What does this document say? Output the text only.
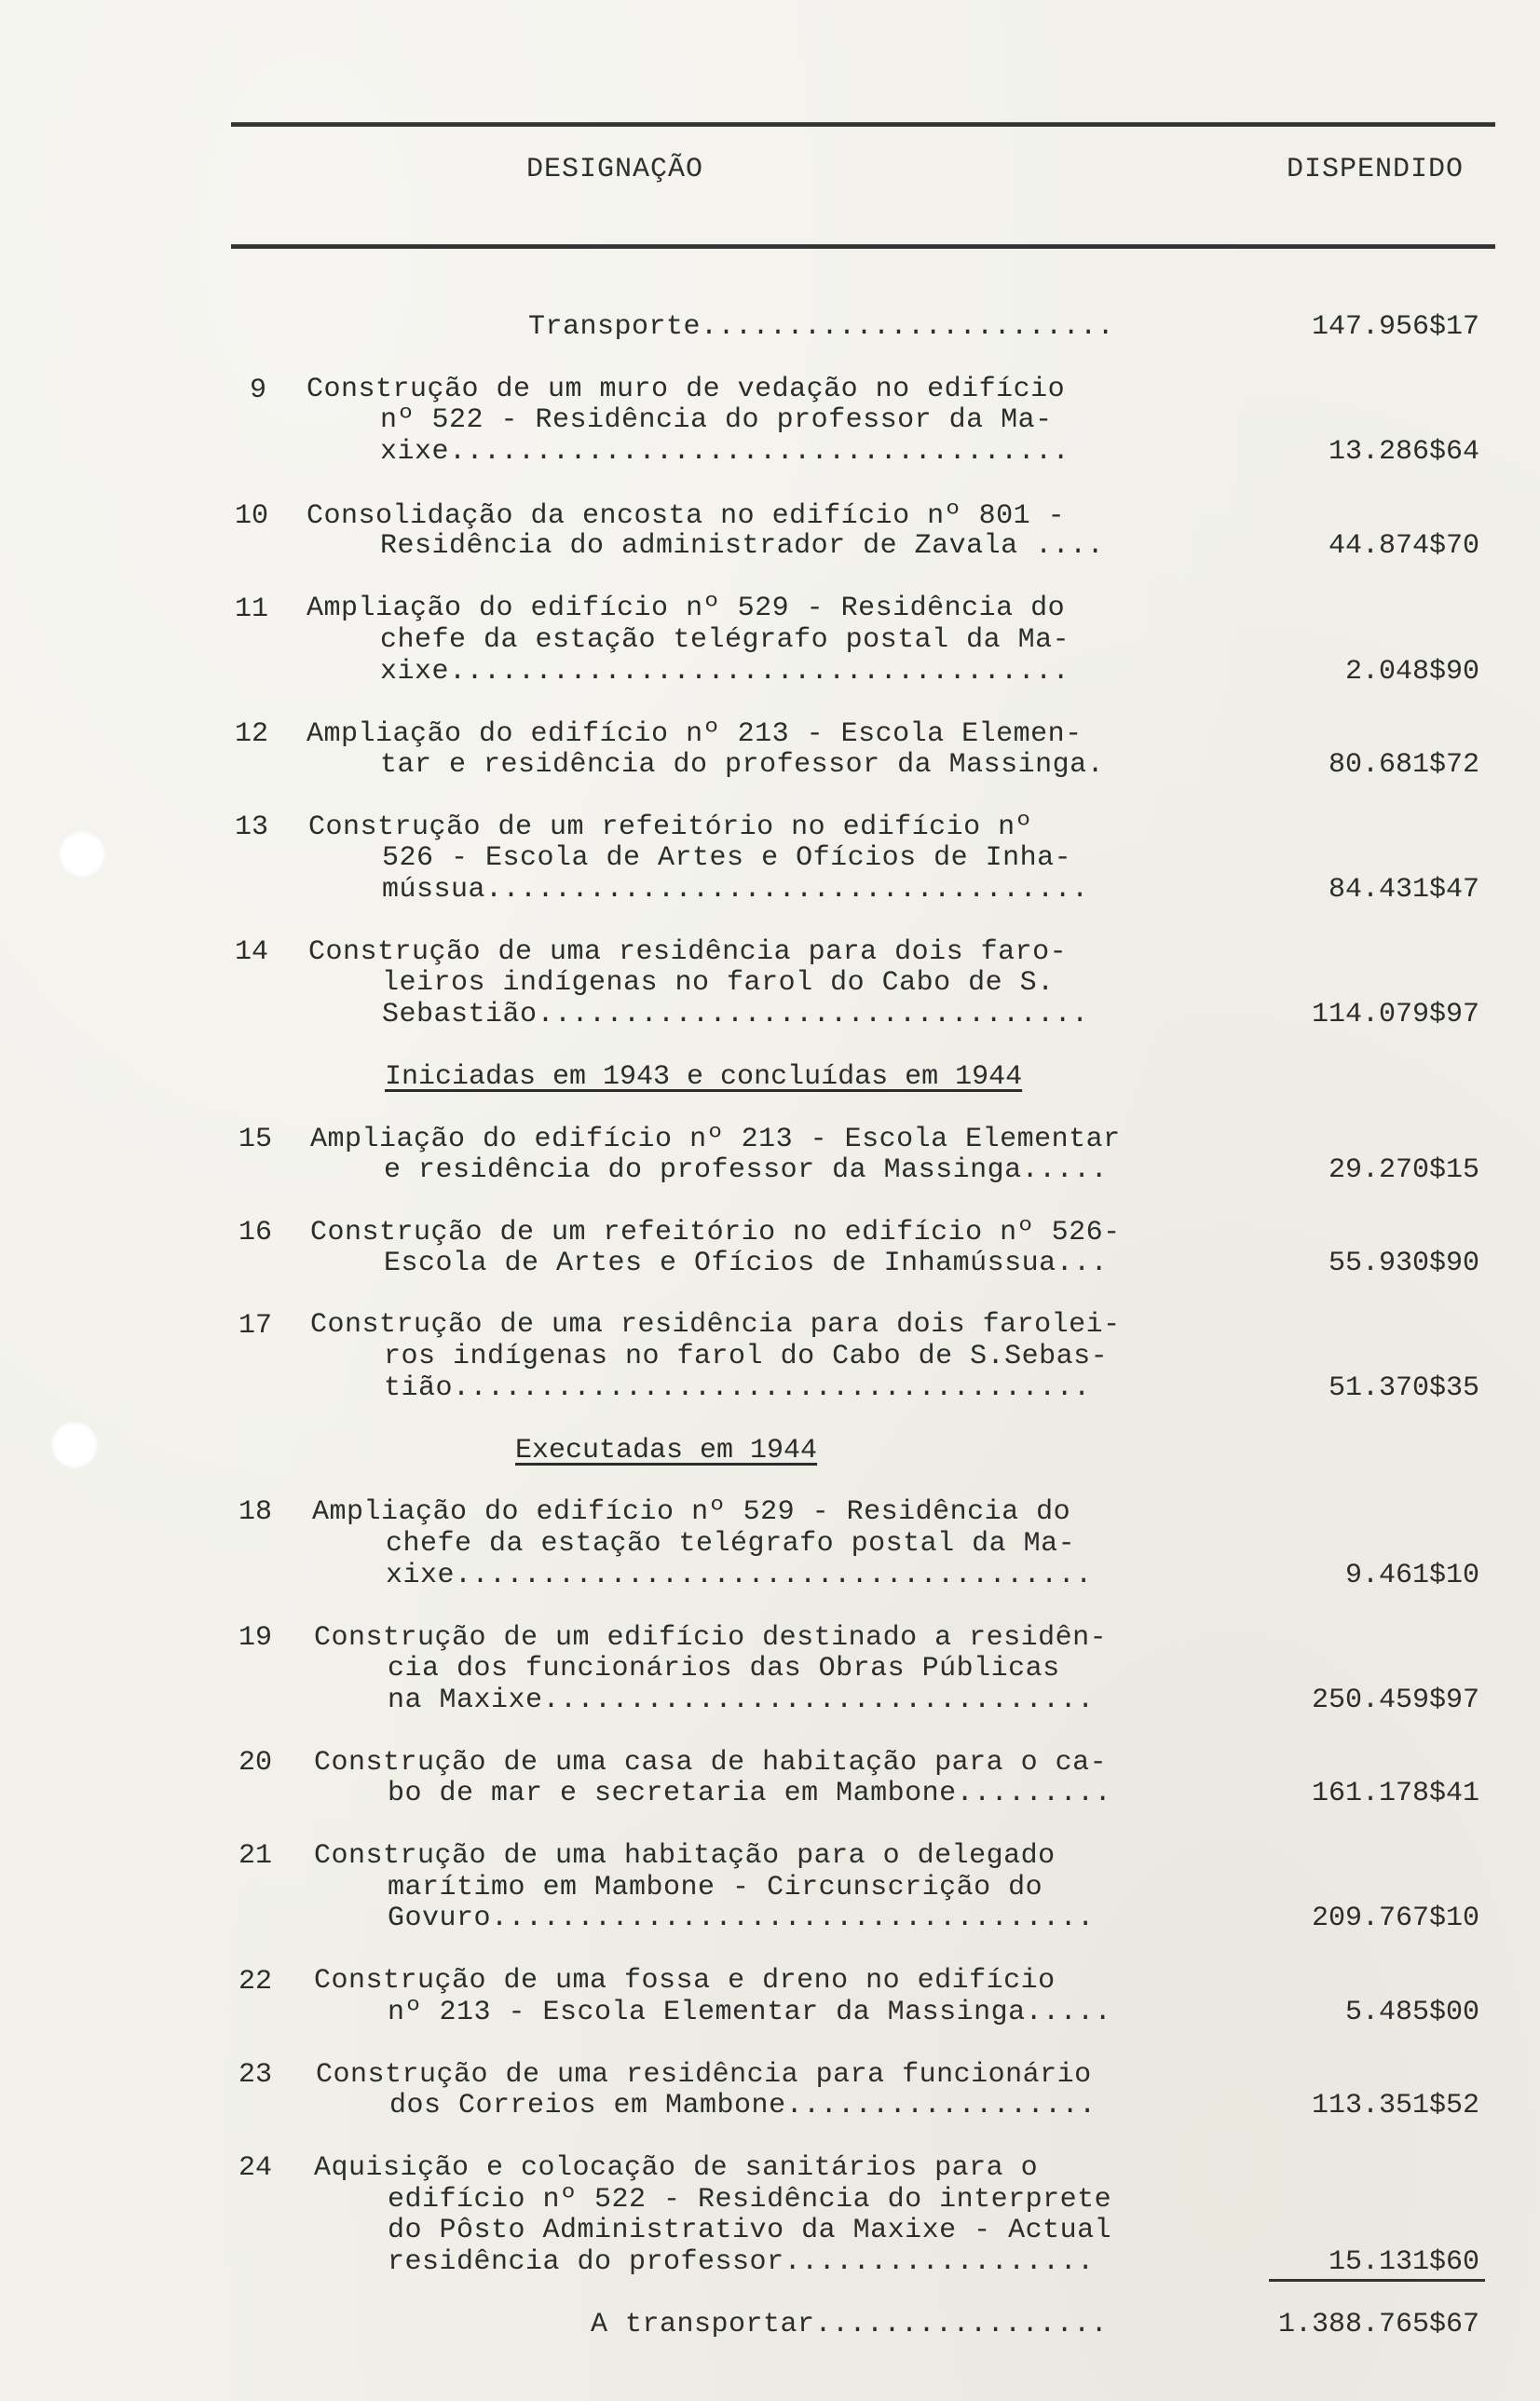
DESIGNAÇÃO	DISPENDIDO
Transporte........................	147.956$17
9 Construção de um muro de vedação no edifício
nº 522 - Residência do professor da Ma-
xixe....................................	13.286$64
10 Consolidação da encosta no edifício nº 801 -
Residência do administrador de Zavala ....	44.874$70
11 Ampliação do edifício nº 529 - Residência do
chefe da estação telégrafo postal da Ma-
xixe....................................	2.048$90
12 Ampliação do edifício nº 213 - Escola Elemen-
tar e residência do professor da Massinga.	80.681$72
13 Construção de um refeitório no edifício nº
526 - Escola de Artes e Ofícios de Inha-
mússua...................................	84.431$47
14 Construção de uma residência para dois faro-
leiros indígenas no farol do Cabo de S.
Sebastião................................	114.079$97
Iniciadas em 1943 e concluídas em 1944
15 Ampliação do edifício nº 213 - Escola Elementar
e residência do professor da Massinga.....	29.270$15
16 Construção de um refeitório no edifício nº 526-
Escola de Artes e Ofícios de Inhamússua...	55.930$90
17 Construção de uma residência para dois farolei-
ros indígenas no farol do Cabo de S.Sebas-
tião.....................................	51.370$35
Executadas em 1944
18 Ampliação do edifício nº 529 - Residência do
chefe da estação telégrafo postal da Ma-
xixe.....................................	9.461$10
19 Construção de um edifício destinado a residên-
cia dos funcionários das Obras Públicas
na Maxixe................................	250.459$97
20 Construção de uma casa de habitação para o ca-
bo de mar e secretaria em Mambone.........	161.178$41
21 Construção de uma habitação para o delegado
marítimo em Mambone - Circunscrição do
Govuro...................................	209.767$10
22 Construção de uma fossa e dreno no edifício
nº 213 - Escola Elementar da Massinga.....	5.485$00
23 Construção de uma residência para funcionário
dos Correios em Mambone..................	113.351$52
24 Aquisição e colocação de sanitários para o
edifício nº 522 - Residência do interprete
do Pôsto Administrativo da Maxixe - Actual
residência do professor..................	15.131$60
A transportar.................	1.388.765$67
